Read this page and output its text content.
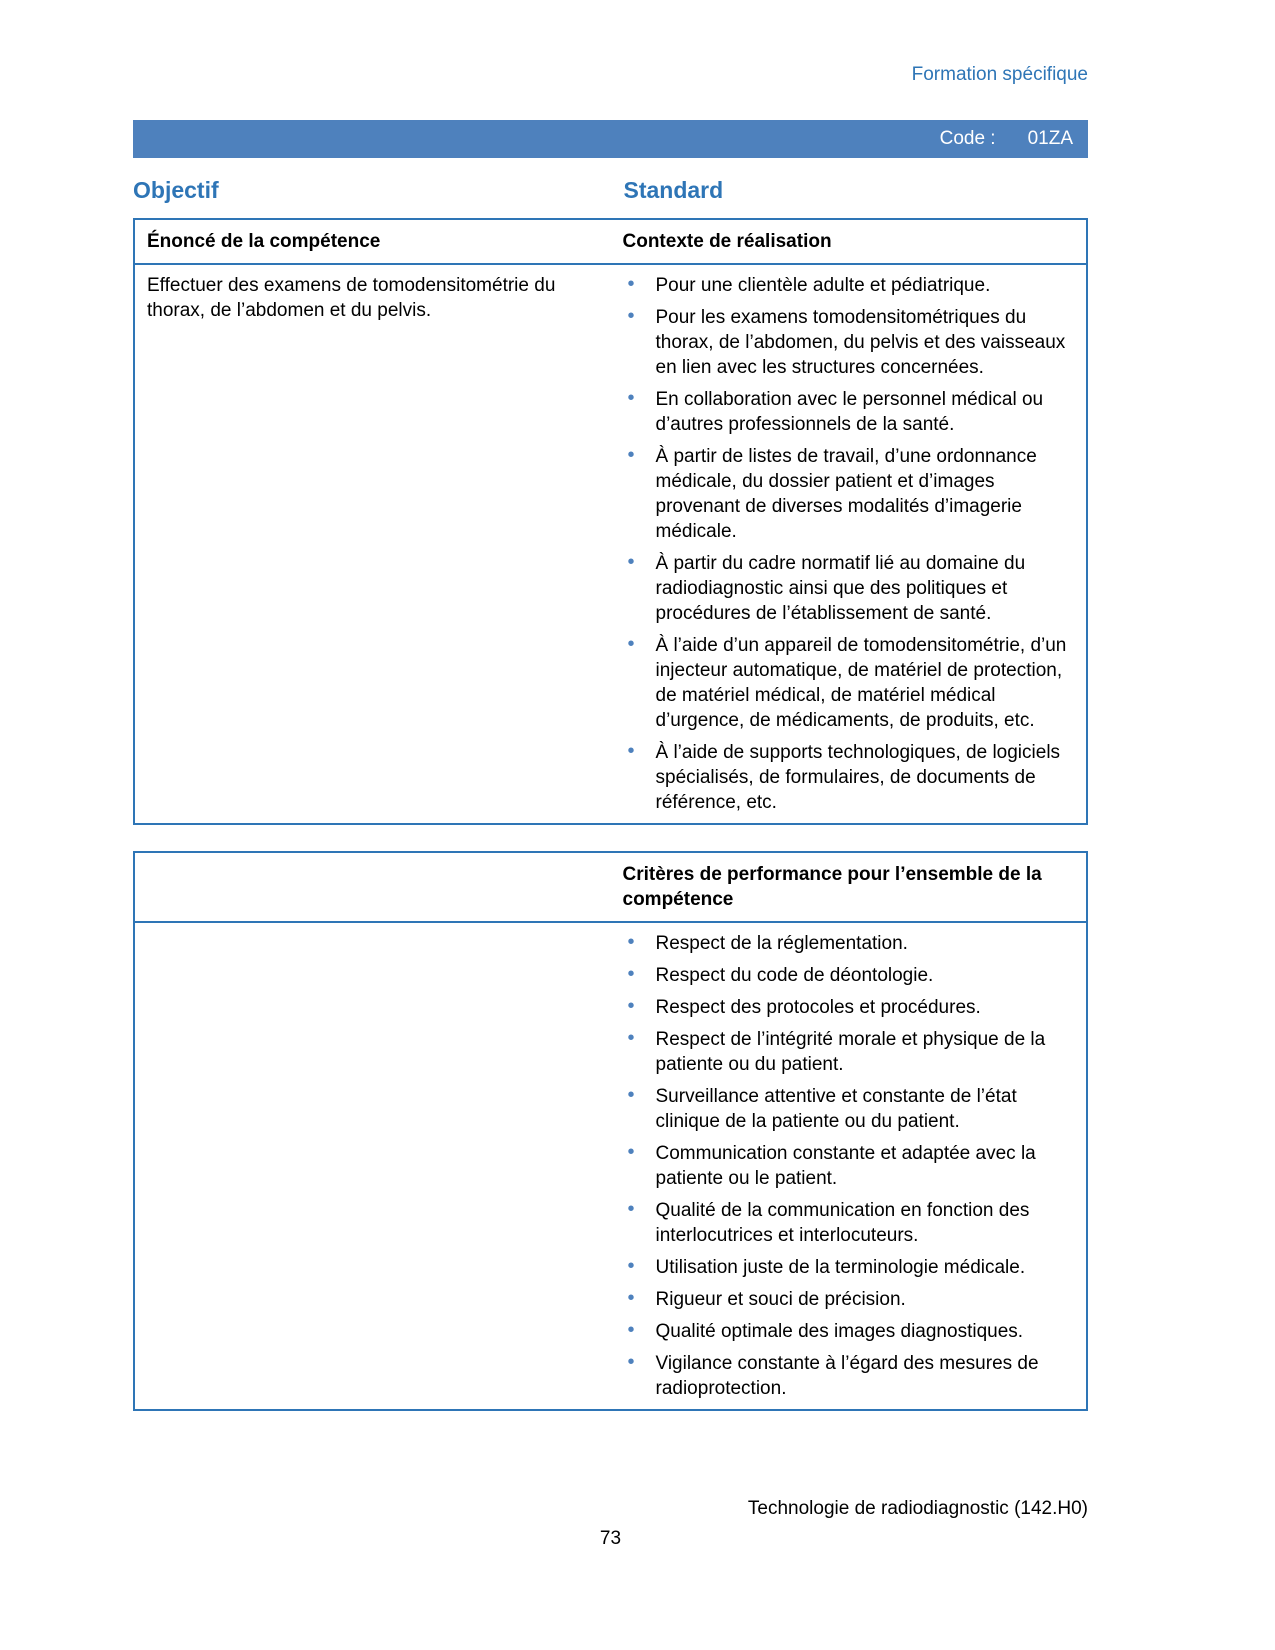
Formation spécifique
Code : 01ZA
Objectif	Standard
Énoncé de la compétence	Contexte de réalisation

Effectuer des examens de tomodensitométrie du thorax, de l’abdomen et du pelvis.

• Pour une clientèle adulte et pédiatrique.
• Pour les examens tomodensitométriques du thorax, de l’abdomen, du pelvis et des vaisseaux en lien avec les structures concernées.
• En collaboration avec le personnel médical ou d’autres professionnels de la santé.
• À partir de listes de travail, d’une ordonnance médicale, du dossier patient et d’images provenant de diverses modalités d’imagerie médicale.
• À partir du cadre normatif lié au domaine du radiodiagnostic ainsi que des politiques et procédures de l’établissement de santé.
• À l’aide d’un appareil de tomodensitométrie, d’un injecteur automatique, de matériel de protection, de matériel médical, de matériel médical d’urgence, de médicaments, de produits, etc.
• À l’aide de supports technologiques, de logiciels spécialisés, de formulaires, de documents de référence, etc.
	Critères de performance pour l’ensemble de la compétence

• Respect de la réglementation.
• Respect du code de déontologie.
• Respect des protocoles et procédures.
• Respect de l’intégrité morale et physique de la patiente ou du patient.
• Surveillance attentive et constante de l’état clinique de la patiente ou du patient.
• Communication constante et adaptée avec la patiente ou le patient.
• Qualité de la communication en fonction des interlocutrices et interlocuteurs.
• Utilisation juste de la terminologie médicale.
• Rigueur et souci de précision.
• Qualité optimale des images diagnostiques.
• Vigilance constante à l’égard des mesures de radioprotection.
Technologie de radiodiagnostic (142.H0)
73
